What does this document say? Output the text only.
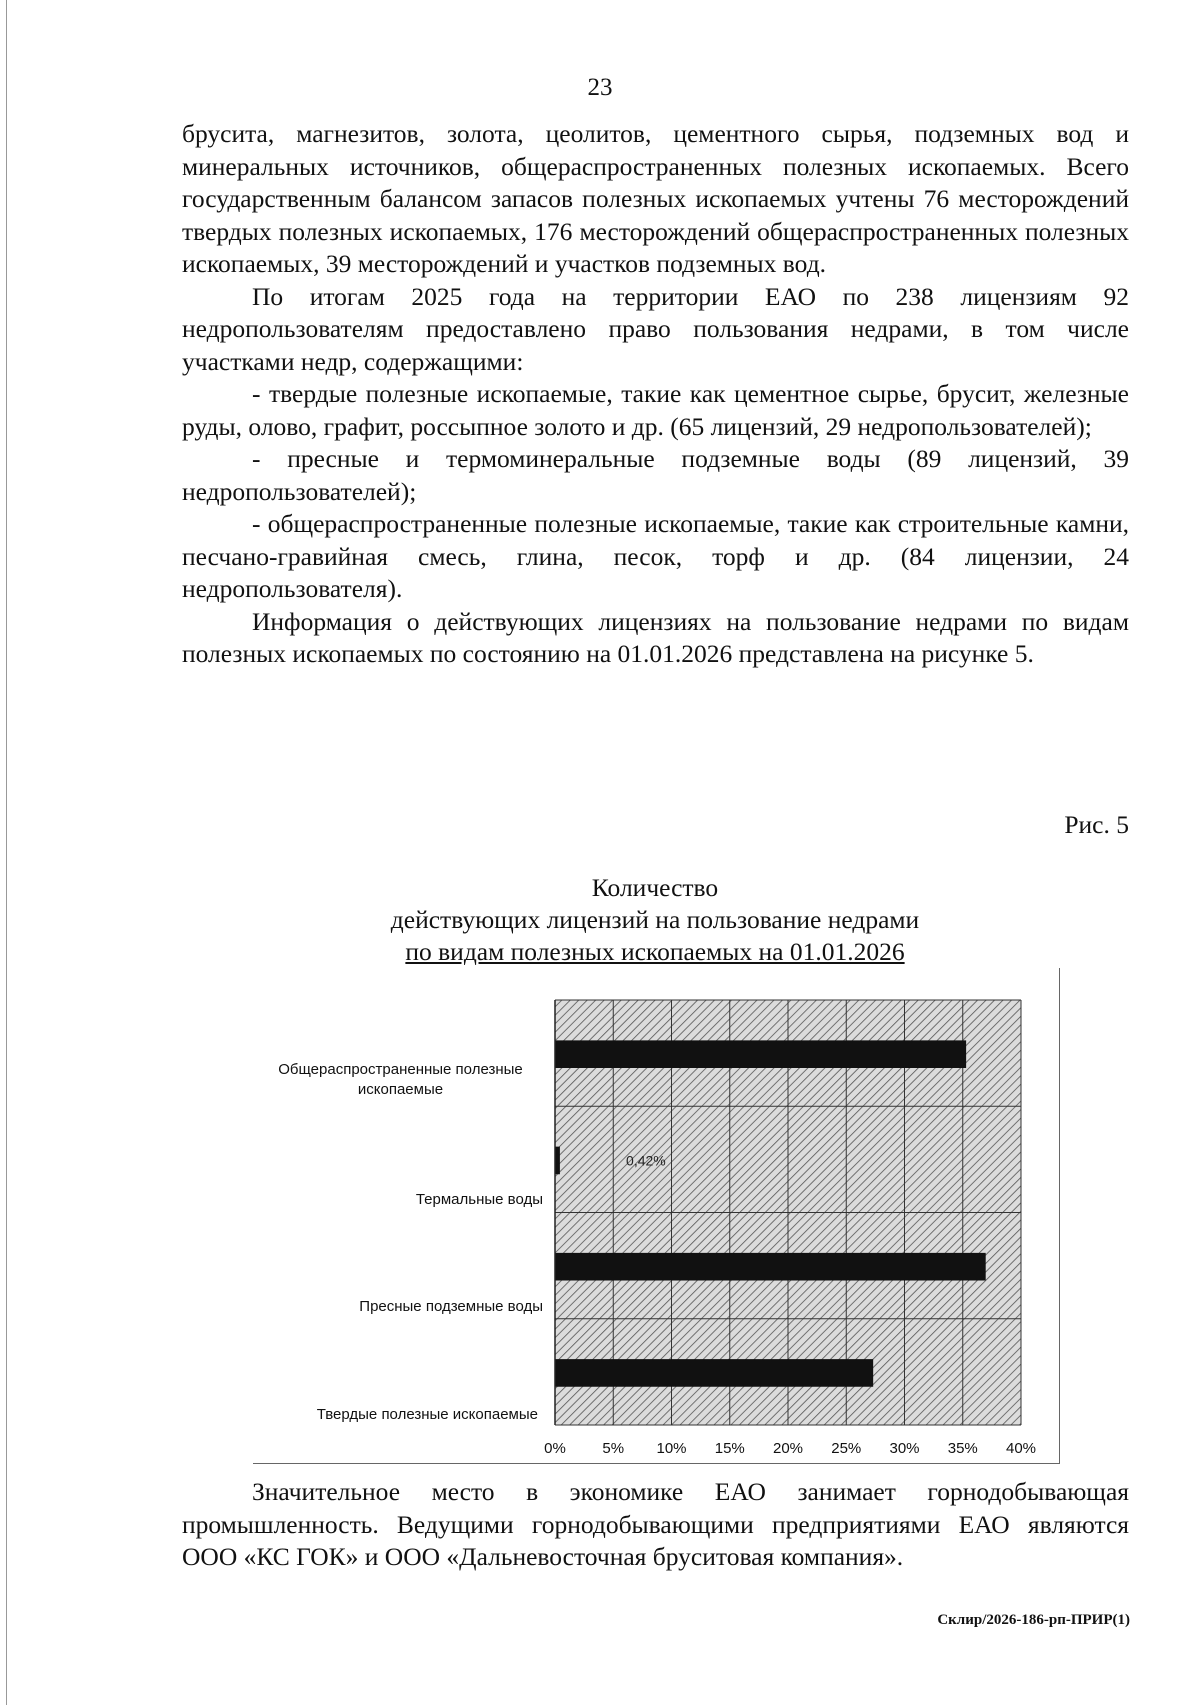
23

брусита, магнезитов, золота, цеолитов, цементного сырья, подземных вод и минеральных источников, общераспространенных полезных ископаемых. Всего государственным балансом запасов полезных ископаемых учтены 76 месторождений твердых полезных ископаемых, 176 месторождений общераспространенных полезных ископаемых, 39 месторождений и участков подземных вод.

По итогам 2025 года на территории ЕАО по 238 лицензиям 92 недропользователям предоставлено право пользования недрами, в том числе участками недр, содержащими:

- твердые полезные ископаемые, такие как цементное сырье, брусит, железные руды, олово, графит, россыпное золото и др. (65 лицензий, 29 недропользователей);

- пресные и термоминеральные подземные воды (89 лицензий, 39 недропользователей);

- общераспространенные полезные ископаемые, такие как строительные камни, песчано-гравийная смесь, глина, песок, торф и др. (84 лицензии, 24 недропользователя).

Информация о действующих лицензиях на пользование недрами по видам полезных ископаемых по состоянию на 01.01.2026 представлена на рисунке 5.

Рис. 5
Количество
действующих лицензий на пользование недрами
по видам полезных ископаемых на 01.01.2026
Общераспространенные полезные ископаемые
Термальные воды
Пресные подземные воды
Твердые полезные ископаемые
0,42%
0% 5% 10% 15% 20% 25% 30% 35% 40%

Значительное место в экономике ЕАО занимает горнодобывающая промышленность. Ведущими горнодобывающими предприятиями ЕАО являются ООО «КС ГОК» и ООО «Дальневосточная бруситовая компания».

Склир/2026-186-рп-ПРИР(1)
